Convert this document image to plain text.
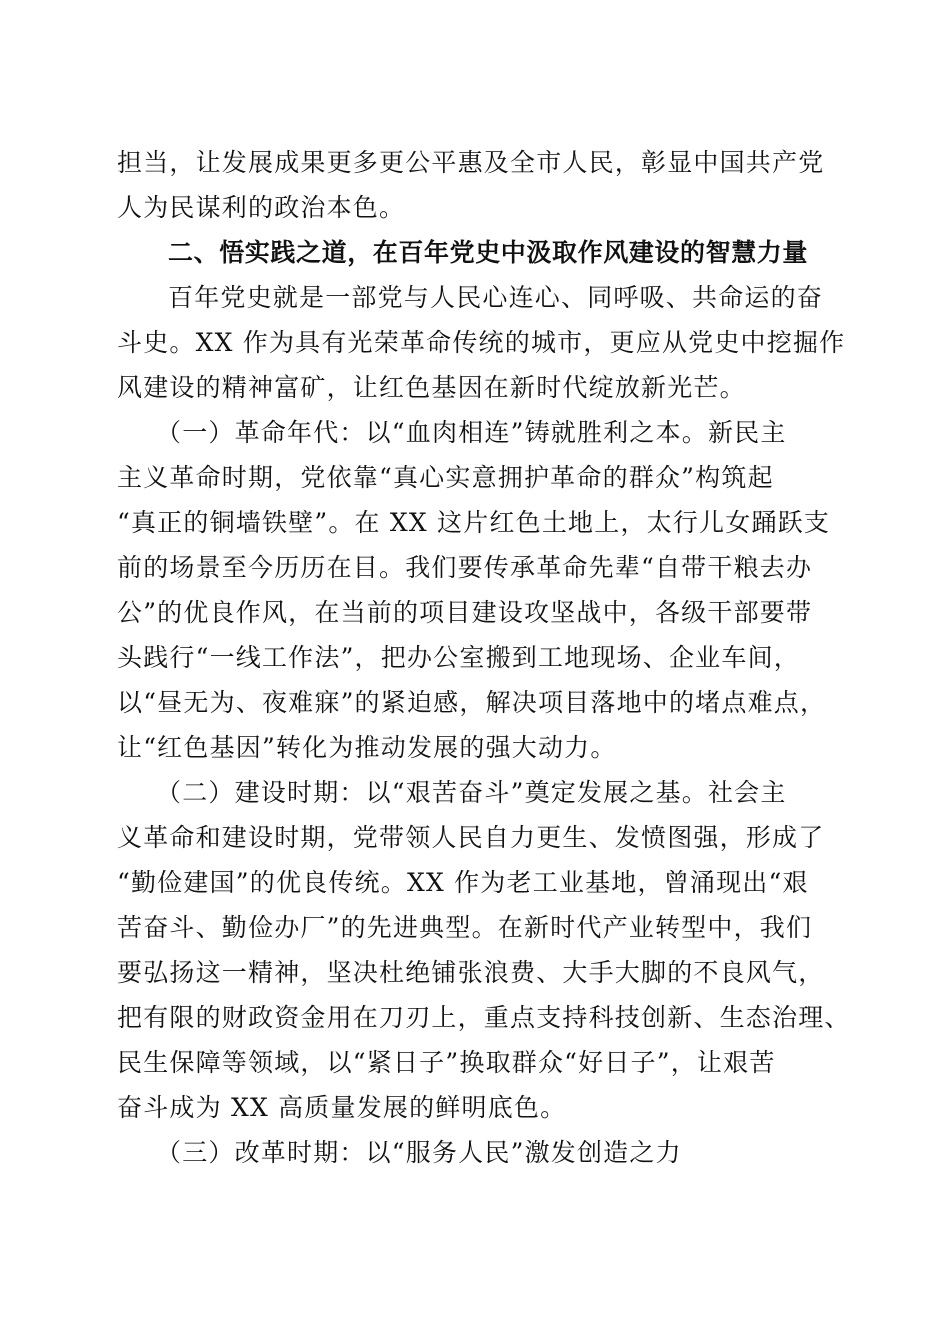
担当，让发展成果更多更公平惠及全市人民，彰显中国共产党
人为民谋利的政治本色。
二、悟实践之道，在百年党史中汲取作风建设的智慧力量
百年党史就是一部党与人民心连心、同呼吸、共命运的奋
斗史。XX 作为具有光荣革命传统的城市，更应从党史中挖掘作
风建设的精神富矿，让红色基因在新时代绽放新光芒。
（一）革命年代：以“血肉相连”铸就胜利之本。新民主
主义革命时期，党依靠“真心实意拥护革命的群众”构筑起
“真正的铜墙铁壁”。在 XX 这片红色土地上，太行儿女踊跃支
前的场景至今历历在目。我们要传承革命先辈“自带干粮去办
公”的优良作风，在当前的项目建设攻坚战中，各级干部要带
头践行“一线工作法”，把办公室搬到工地现场、企业车间，
以“昼无为、夜难寐”的紧迫感，解决项目落地中的堵点难点，
让“红色基因”转化为推动发展的强大动力。
（二）建设时期：以“艰苦奋斗”奠定发展之基。社会主
义革命和建设时期，党带领人民自力更生、发愤图强，形成了
“勤俭建国”的优良传统。XX 作为老工业基地，曾涌现出“艰
苦奋斗、勤俭办厂”的先进典型。在新时代产业转型中，我们
要弘扬这一精神，坚决杜绝铺张浪费、大手大脚的不良风气，
把有限的财政资金用在刀刃上，重点支持科技创新、生态治理、
民生保障等领域，以“紧日子”换取群众“好日子”，让艰苦
奋斗成为 XX 高质量发展的鲜明底色。
（三）改革时期：以“服务人民”激发创造之力
